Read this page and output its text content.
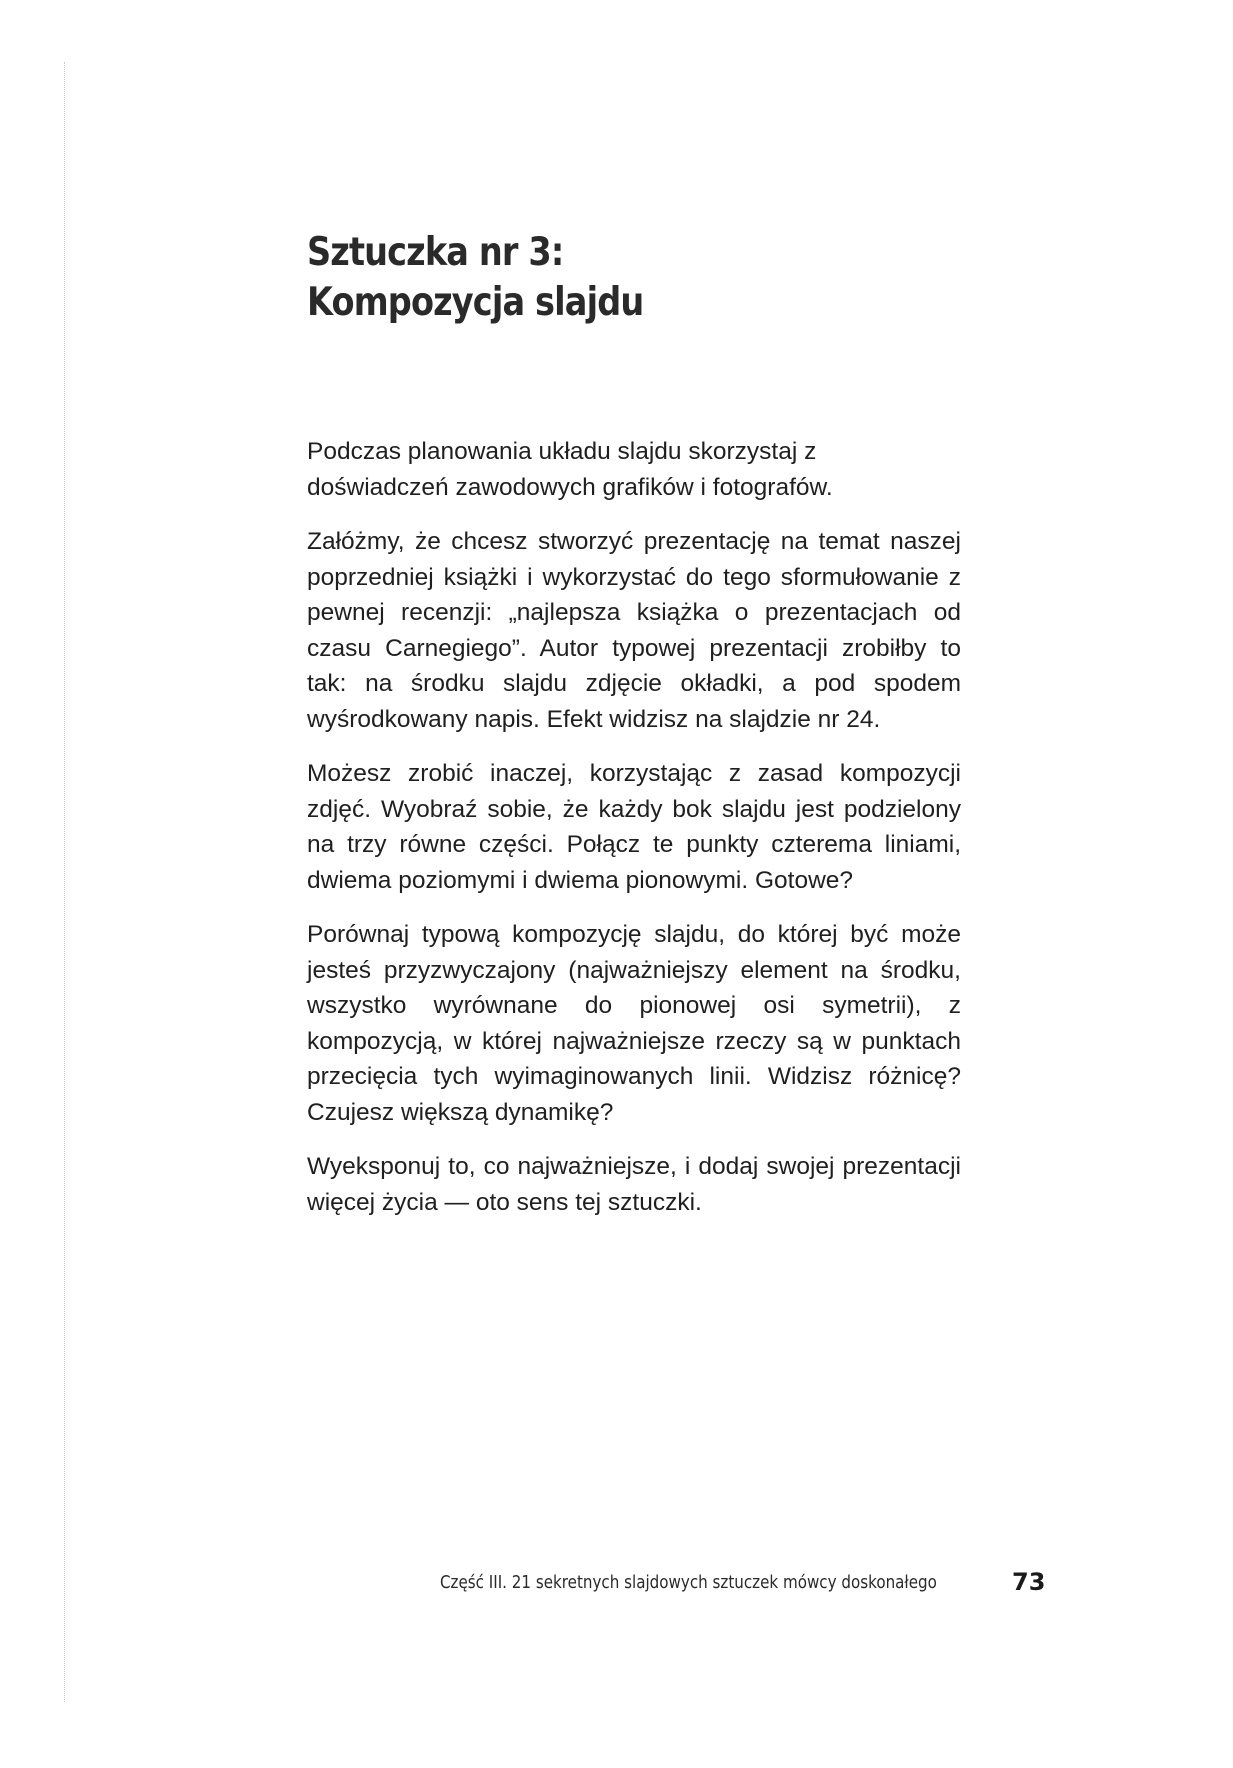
Sztuczka nr 3:
Kompozycja slajdu

Podczas planowania układu slajdu skorzystaj z doświadczeń zawodowych grafików i fotografów.

Załóżmy, że chcesz stworzyć prezentację na temat naszej poprzedniej książki i wykorzystać do tego sformułowanie z pewnej recenzji: „najlepsza książka o prezentacjach od czasu Carnegiego”. Autor typowej prezentacji zrobiłby to tak: na środku slajdu zdjęcie okładki, a pod spodem wyśrodkowany napis. Efekt widzisz na slajdzie nr 24.

Możesz zrobić inaczej, korzystając z zasad kompozycji zdjęć. Wyobraź sobie, że każdy bok slajdu jest podzielony na trzy równe części. Połącz te punkty czterema liniami, dwiema poziomymi i dwiema pionowymi. Gotowe?

Porównaj typową kompozycję slajdu, do której być może jesteś przyzwyczajony (najważniejszy element na środku, wszystko wyrównane do pionowej osi symetrii), z kompozycją, w której najważniejsze rzeczy są w punktach przecięcia tych wyimaginowanych linii. Widzisz różnicę? Czujesz większą dynamikę?

Wyeksponuj to, co najważniejsze, i dodaj swojej prezentacji więcej życia — oto sens tej sztuczki.

Część III. 21 sekretnych slajdowych sztuczek mówcy doskonałego	73
